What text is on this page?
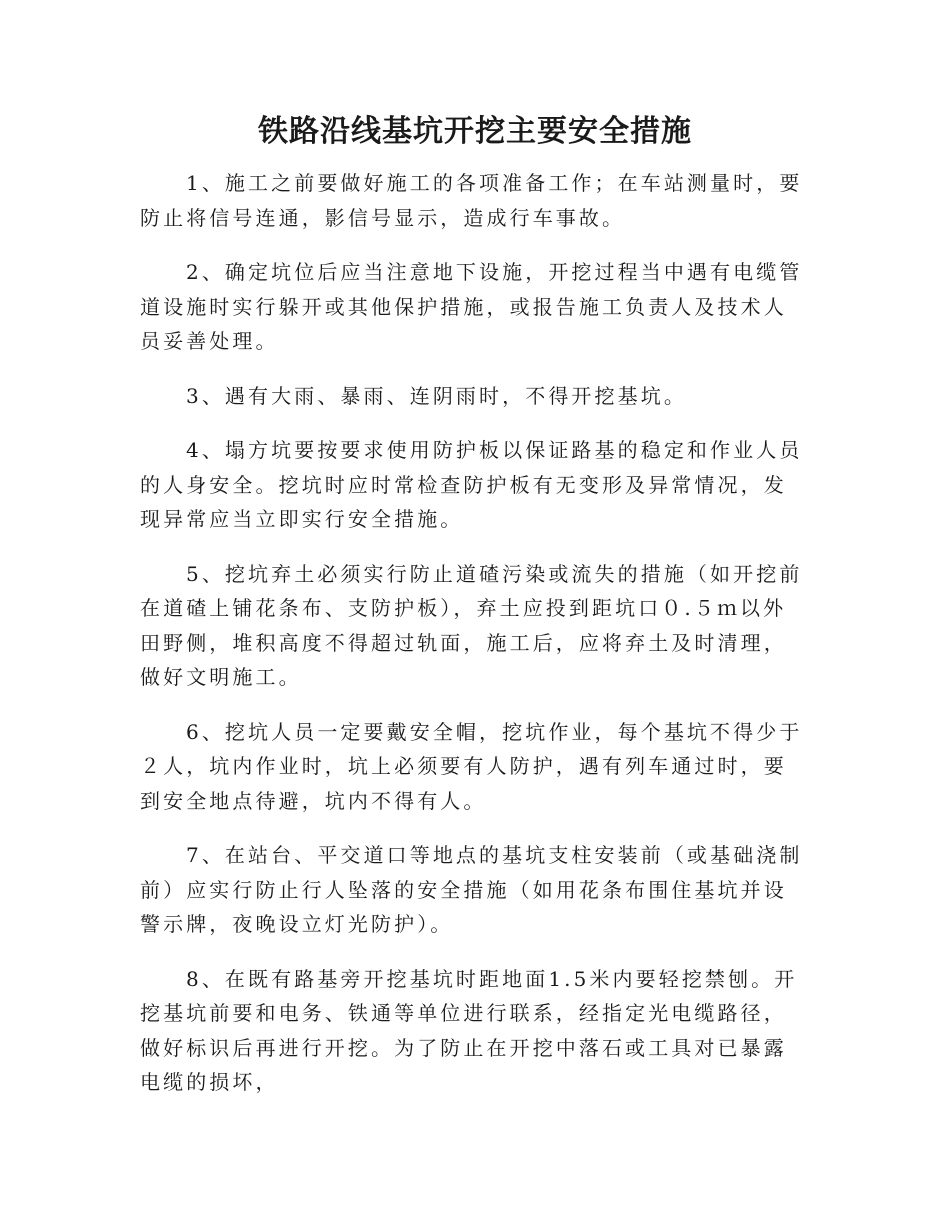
铁路沿线基坑开挖主要安全措施

1、施工之前要做好施工的各项准备工作；在车站测量时，要防止将信号连通，影信号显示，造成行车事故。

2、确定坑位后应当注意地下设施，开挖过程当中遇有电缆管道设施时实行躲开或其他保护措施，或报告施工负责人及技术人员妥善处理。

3、遇有大雨、暴雨、连阴雨时，不得开挖基坑。

4、塌方坑要按要求使用防护板以保证路基的稳定和作业人员的人身安全。挖坑时应时常检查防护板有无变形及异常情况，发现异常应当立即实行安全措施。

5、挖坑弃土必须实行防止道碴污染或流失的措施（如开挖前在道碴上铺花条布、支防护板），弃土应投到距坑口０.５ｍ以外田野侧，堆积高度不得超过轨面，施工后，应将弃土及时清理，做好文明施工。

6、挖坑人员一定要戴安全帽，挖坑作业，每个基坑不得少于２人，坑内作业时，坑上必须要有人防护，遇有列车通过时，要到安全地点待避，坑内不得有人。

7、在站台、平交道口等地点的基坑支柱安装前（或基础浇制前）应实行防止行人坠落的安全措施（如用花条布围住基坑并设警示牌，夜晚设立灯光防护）。

8、在既有路基旁开挖基坑时距地面1.5米内要轻挖禁刨。开挖基坑前要和电务、铁通等单位进行联系，经指定光电缆路径，做好标识后再进行开挖。为了防止在开挖中落石或工具对已暴露电缆的损坏，
